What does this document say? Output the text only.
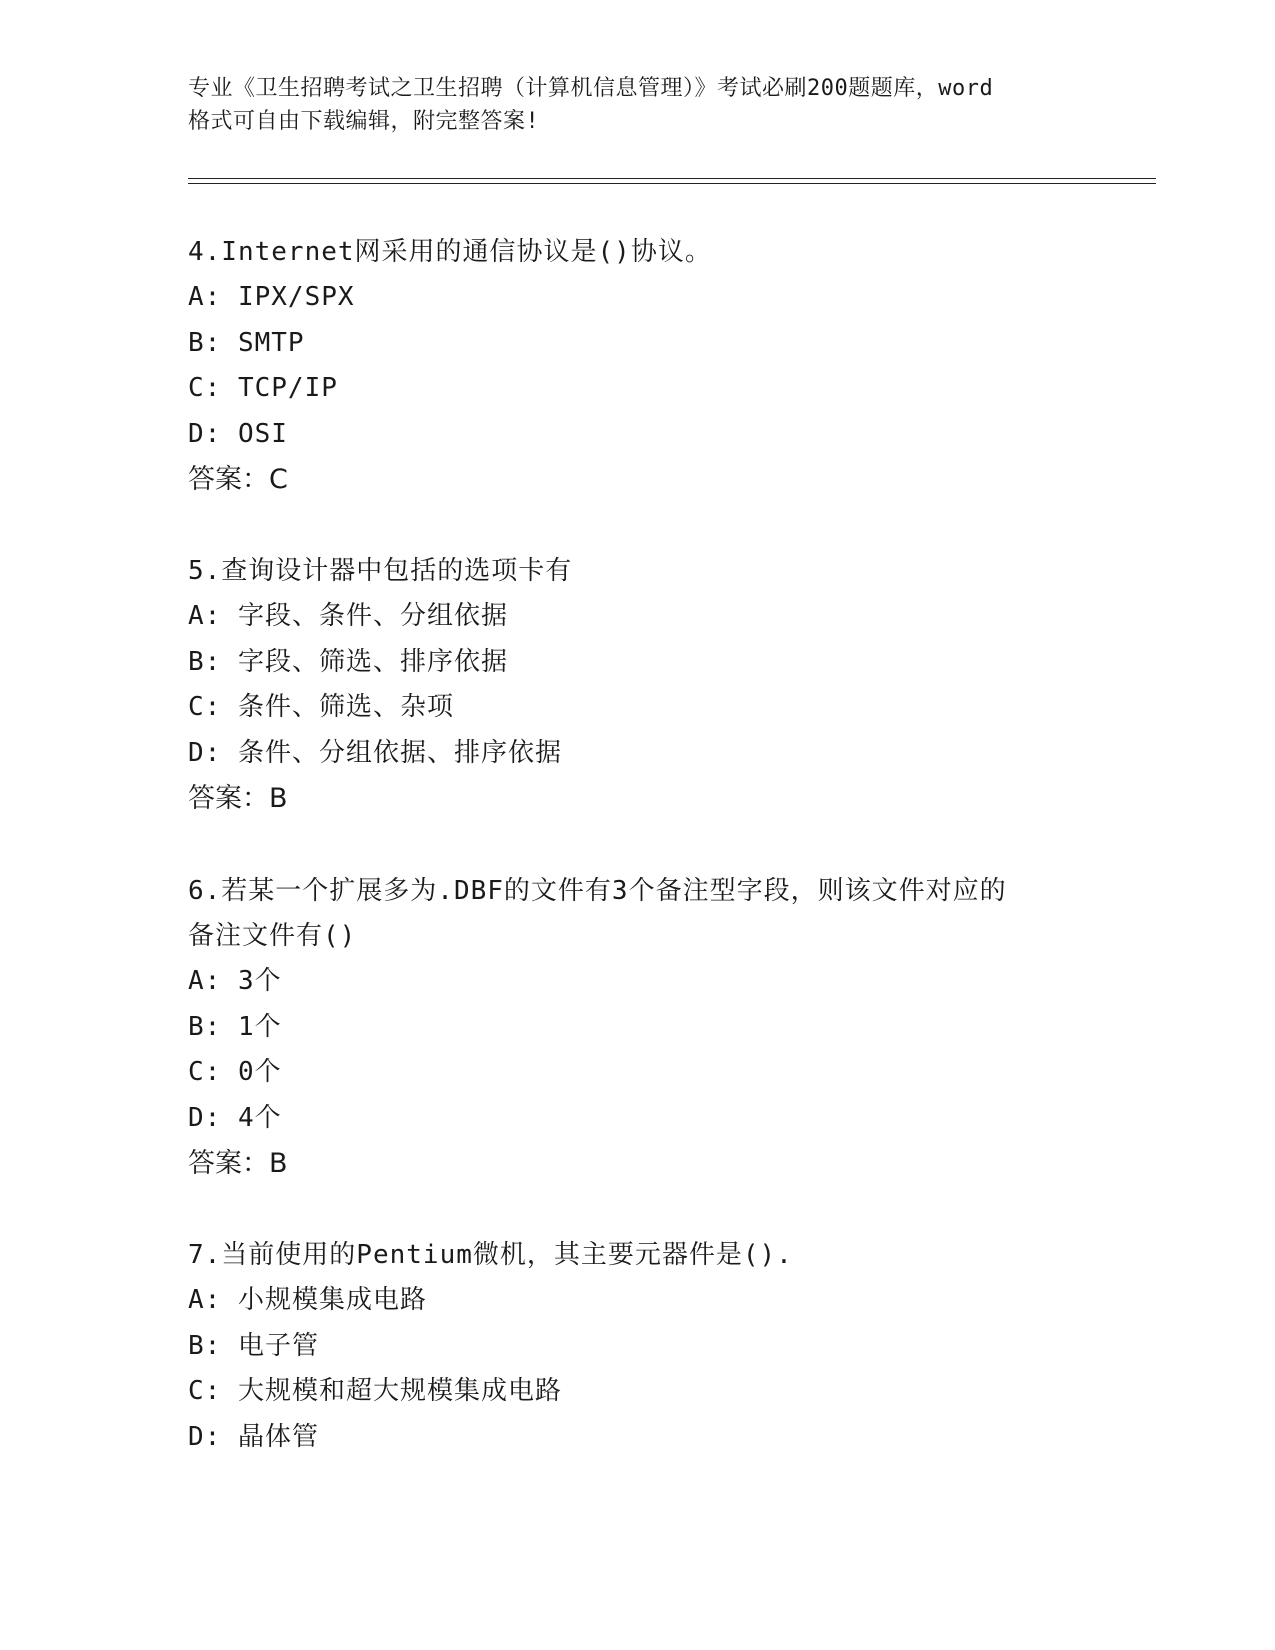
专业《卫生招聘考试之卫生招聘（计算机信息管理）》考试必刷200题题库，word
格式可自由下载编辑，附完整答案!
4.Internet网采用的通信协议是()协议。
A: IPX/SPX
B: SMTP
C: TCP/IP
D: OSI
答案：C
5.查询设计器中包括的选项卡有
A: 字段、条件、分组依据
B: 字段、筛选、排序依据
C: 条件、筛选、杂项
D: 条件、分组依据、排序依据
答案：B
6.若某一个扩展多为.DBF的文件有3个备注型字段，则该文件对应的
备注文件有()
A: 3个
B: 1个
C: 0个
D: 4个
答案：B
7.当前使用的Pentium微机，其主要元器件是().
A: 小规模集成电路
B: 电子管
C: 大规模和超大规模集成电路
D: 晶体管
